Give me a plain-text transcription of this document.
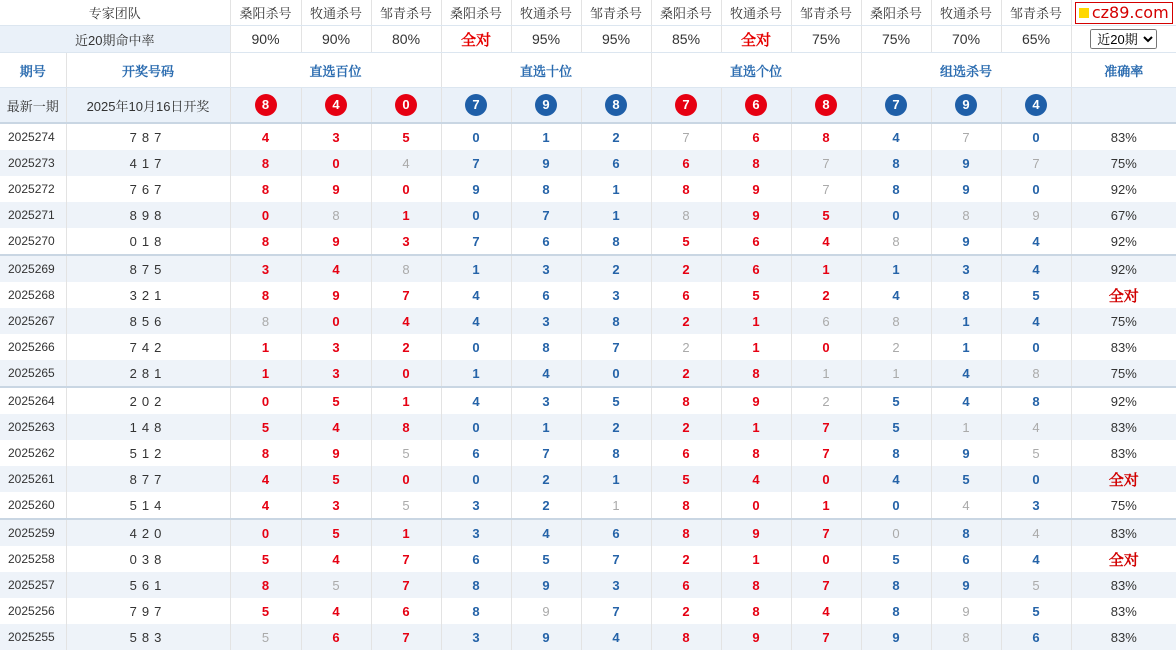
专家团队		桑阳杀号	牧通杀号	邹青杀号	桑阳杀号	牧通杀号	邹青杀号	桑阳杀号	牧通杀号	邹青杀号	桑阳杀号	牧通杀号	邹青杀号	cz89.com

近20期命中率		90%	90%	80%	全对	95%	95%	85%	全对	75%	75%	70%	65%	
近20期
期号	开奖号码	直选百位			直选十位			直选个位			组选杀号			准确率
最新一期	2025年10月16日开奖	8	4	0	7	9	8	7	6	8	7	9	4	
2025274	787	4	3	5	0	1	2	7	6	8	4	7	0	83%
2025273	417	8	0	4	7	9	6	6	8	7	8	9	7	75%
2025272	767	8	9	0	9	8	1	8	9	7	8	9	0	92%
2025271	898	0	8	1	0	7	1	8	9	5	0	8	9	67%
2025270	018	8	9	3	7	6	8	5	6	4	8	9	4	92%
2025269	875	3	4	8	1	3	2	2	6	1	1	3	4	92%
2025268	321	8	9	7	4	6	3	6	5	2	4	8	5	全对
2025267	856	8	0	4	4	3	8	2	1	6	8	1	4	75%
2025266	742	1	3	2	0	8	7	2	1	0	2	1	0	83%
2025265	281	1	3	0	1	4	0	2	8	1	1	4	8	75%
2025264	202	0	5	1	4	3	5	8	9	2	5	4	8	92%
2025263	148	5	4	8	0	1	2	2	1	7	5	1	4	83%
2025262	512	8	9	5	6	7	8	6	8	7	8	9	5	83%
2025261	877	4	5	0	0	2	1	5	4	0	4	5	0	全对
2025260	514	4	3	5	3	2	1	8	0	1	0	4	3	75%
2025259	420	0	5	1	3	4	6	8	9	7	0	8	4	83%
2025258	038	5	4	7	6	5	7	2	1	0	5	6	4	全对
2025257	561	8	5	7	8	9	3	6	8	7	8	9	5	83%
2025256	797	5	4	6	8	9	7	2	8	4	8	9	5	83%
2025255	583	5	6	7	3	9	4	8	9	7	9	8	6	83%
